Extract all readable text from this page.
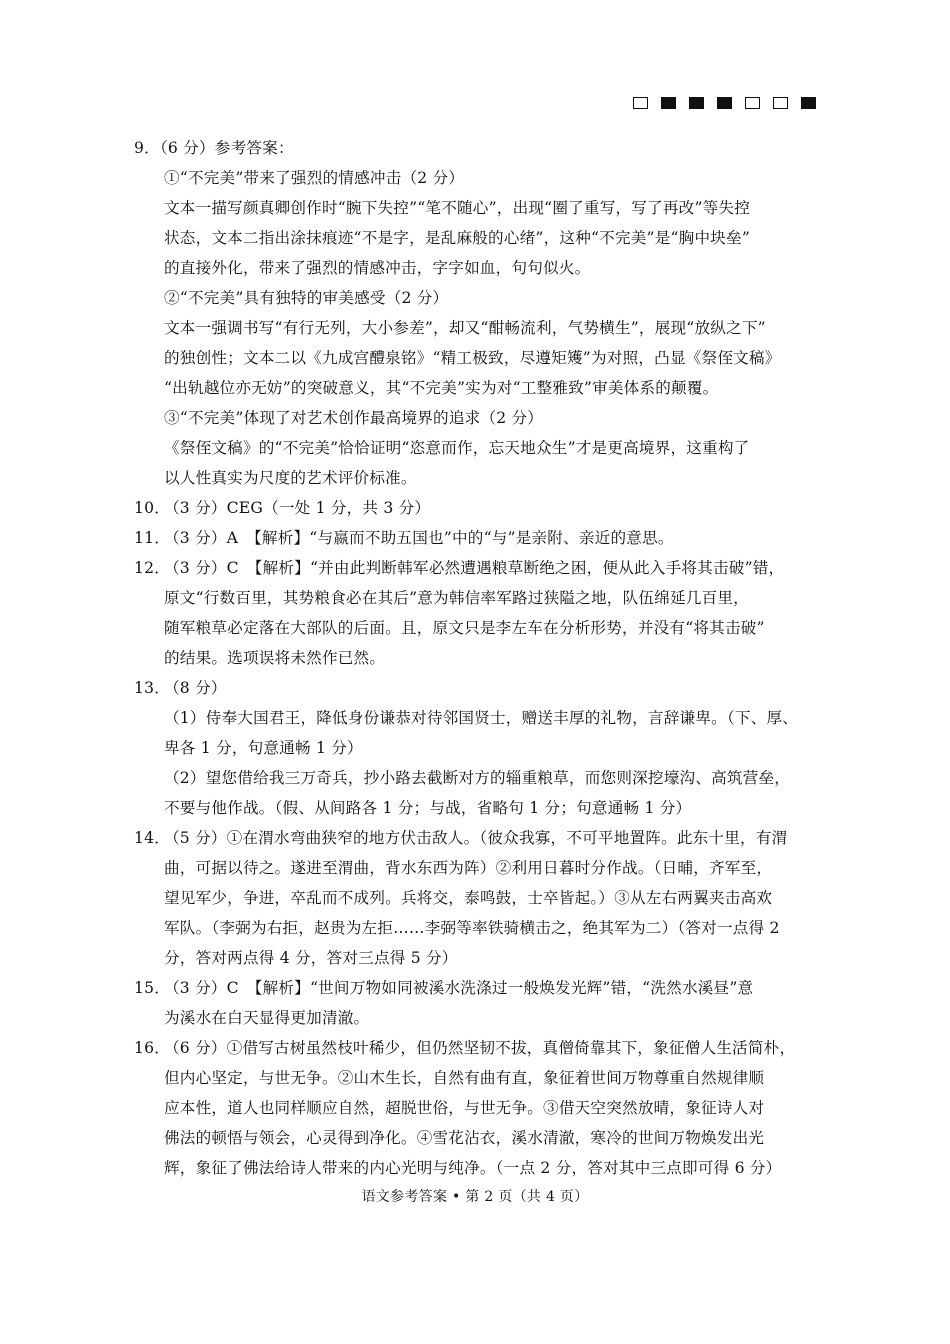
9．（6 分）参考答案：
①“不完美”带来了强烈的情感冲击（2 分）
文本一描写颜真卿创作时“腕下失控”“笔不随心”，出现“圈了重写，写了再改”等失控
状态，文本二指出涂抹痕迹“不是字，是乱麻般的心绪”，这种“不完美”是“胸中块垒”
的直接外化，带来了强烈的情感冲击，字字如血，句句似火。
②“不完美”具有独特的审美感受（2 分）
文本一强调书写“有行无列，大小参差”，却又“酣畅流利，气势横生”，展现“放纵之下”
的独创性；文本二以《九成宫醴泉铭》“精工极致，尽遵矩矱”为对照，凸显《祭侄文稿》
“出轨越位亦无妨”的突破意义，其“不完美”实为对“工整雅致”审美体系的颠覆。
③“不完美”体现了对艺术创作最高境界的追求（2 分）
《祭侄文稿》的“不完美”恰恰证明“恣意而作，忘天地众生”才是更高境界，这重构了
以人性真实为尺度的艺术评价标准。
10．
（3 分）CEG（一处 1 分，共 3 分）
11．
（3 分）A　【解析】“与嬴而不助五国也”中的“与”是亲附、亲近的意思。
12．
（3 分）C　【解析】“并由此判断韩军必然遭遇粮草断绝之困，便从此入手将其击破”错，
原文“行数百里，其势粮食必在其后”意为韩信率军路过狭隘之地，队伍绵延几百里，
随军粮草必定落在大部队的后面。且，原文只是李左车在分析形势，并没有“将其击破”
的结果。选项误将未然作已然。
13．
（8 分）
（1）侍奉大国君王，降低身份谦恭对待邻国贤士，赠送丰厚的礼物，言辞谦卑。（下、厚、
卑各 1 分，句意通畅 1 分）
（2）望您借给我三万奇兵，抄小路去截断对方的辎重粮草，而您则深挖壕沟、高筑营垒，
不要与他作战。（假、从间路各 1 分；与战，省略句 1 分；句意通畅 1 分）
14．
（5 分）①在渭水弯曲狭窄的地方伏击敌人。（彼众我寡，不可平地置阵。此东十里，有渭
曲，可据以待之。遂进至渭曲，背水东西为阵）②利用日暮时分作战。（日晡，齐军至，
望见军少，争进，卒乱而不成列。兵将交，泰鸣鼓，士卒皆起。）③从左右两翼夹击高欢
军队。（李弼为右拒，赵贵为左拒……李弼等率铁骑横击之，绝其军为二）（答对一点得 2
分，答对两点得 4 分，答对三点得 5 分）
15．
（3 分）C　【解析】“世间万物如同被溪水洗涤过一般焕发光辉”错，“洗然水溪昼”意
为溪水在白天显得更加清澈。
16．
（6 分）①借写古树虽然枝叶稀少，但仍然坚韧不拔，真僧倚靠其下，象征僧人生活简朴，
但内心坚定，与世无争。②山木生长，自然有曲有直，象征着世间万物尊重自然规律顺
应本性，道人也同样顺应自然，超脱世俗，与世无争。③借天空突然放晴，象征诗人对
佛法的顿悟与领会，心灵得到净化。④雪花沾衣，溪水清澈，寒冷的世间万物焕发出光
辉，象征了佛法给诗人带来的内心光明与纯净。（一点 2 分，答对其中三点即可得 6 分）
语文参考答案 • 第 2 页（共 4 页）
